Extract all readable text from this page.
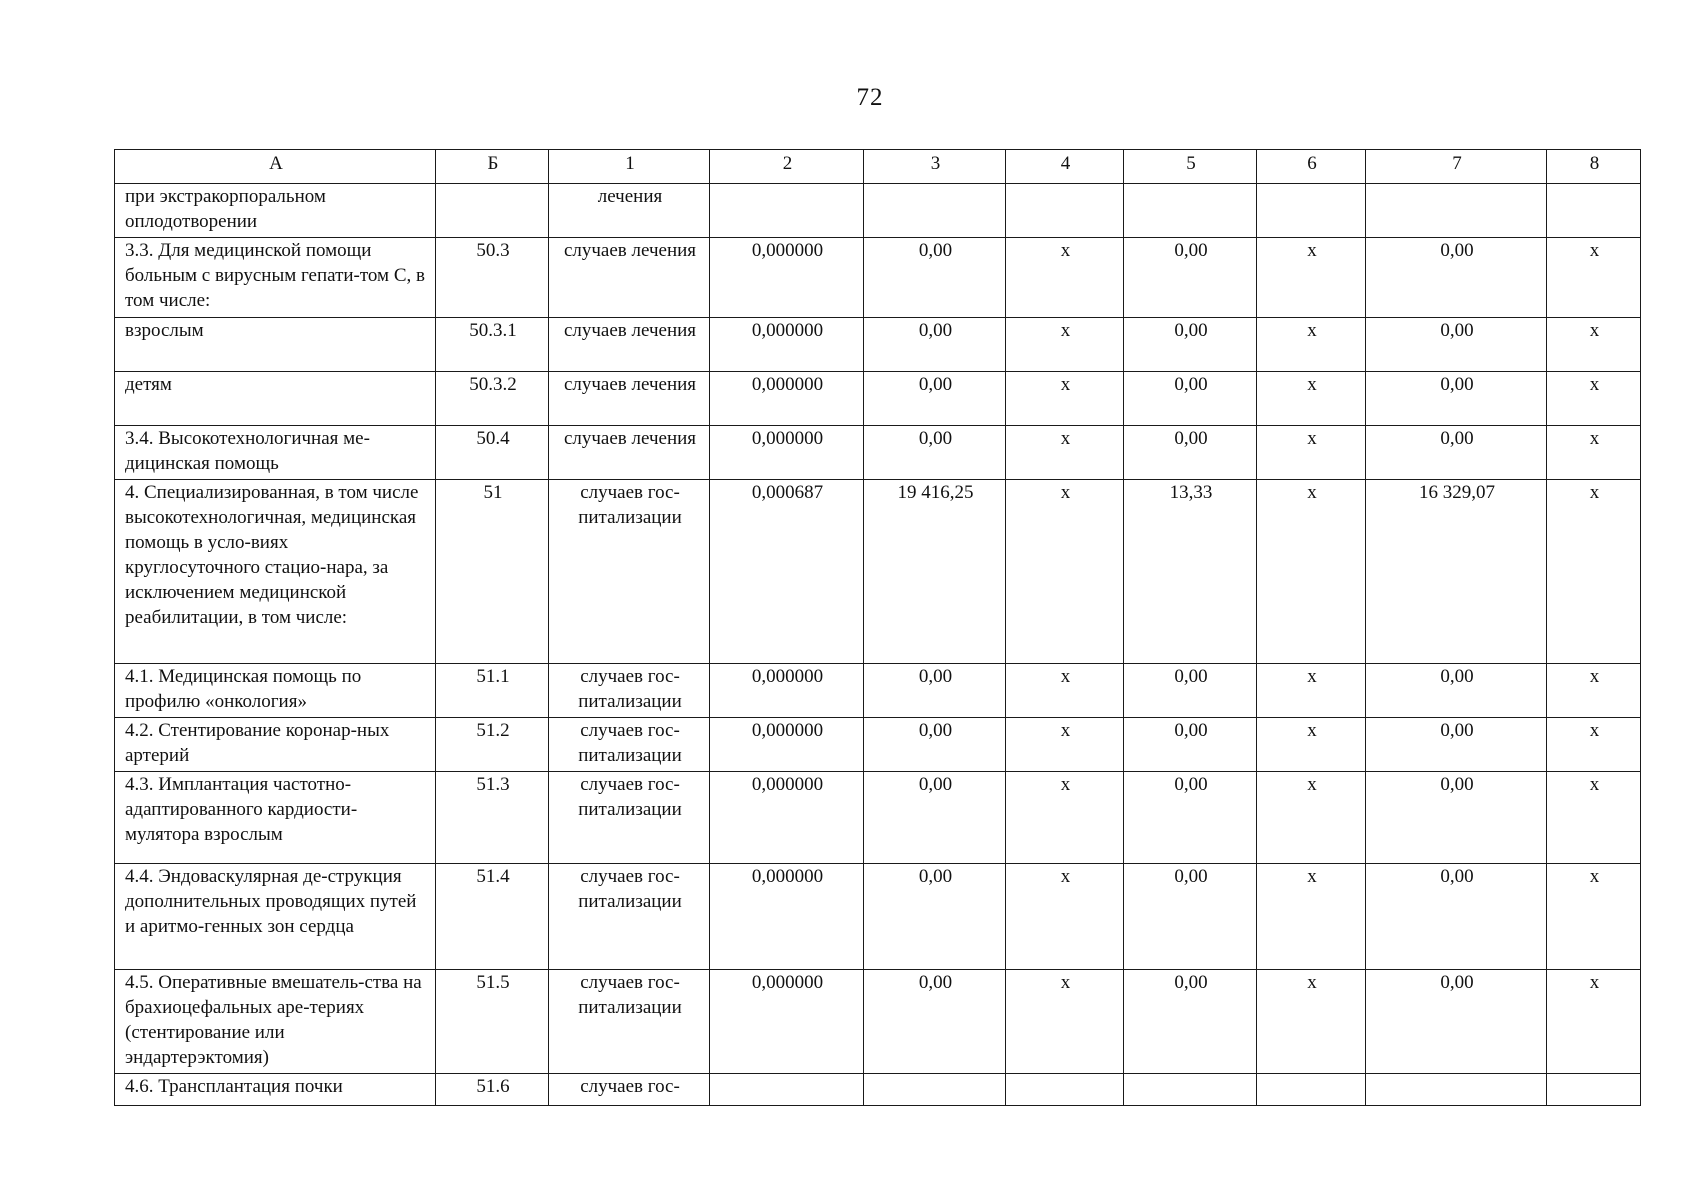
72
А	Б	1	2	3	4	5	6	7	8
при экстракорпоральном оплодотворении		лечения							
3.3. Для медицинской помощи больным с вирусным гепати-том С, в том числе:	50.3	случаев лечения	0,000000	0,00	х	0,00	х	0,00	х
взрослым	50.3.1	случаев лечения	0,000000	0,00	х	0,00	х	0,00	х
детям	50.3.2	случаев лечения	0,000000	0,00	х	0,00	х	0,00	х
3.4. Высокотехнологичная ме-дицинская помощь	50.4	случаев лечения	0,000000	0,00	х	0,00	х	0,00	х
4. Специализированная, в том числе высокотехнологичная, медицинская помощь в усло-виях круглосуточного стацио-нара, за исключением медицинской реабилитации, в том числе:	51	случаев гос-питализации	0,000687	19 416,25	х	13,33	х	16 329,07	х
4.1. Медицинская помощь по профилю «онкология»	51.1	случаев гос-питализации	0,000000	0,00	х	0,00	х	0,00	х
4.2. Стентирование коронар-ных артерий	51.2	случаев гос-питализации	0,000000	0,00	х	0,00	х	0,00	х
4.3. Имплантация частотно-адаптированного кардиости-мулятора взрослым	51.3	случаев гос-питализации	0,000000	0,00	х	0,00	х	0,00	х
4.4. Эндоваскулярная де-струкция дополнительных проводящих путей и аритмо-генных зон сердца	51.4	случаев гос-питализации	0,000000	0,00	х	0,00	х	0,00	х
4.5. Оперативные вмешатель-ства на брахиоцефальных аре-териях (стентирование или эндартерэктомия)	51.5	случаев гос-питализации	0,000000	0,00	х	0,00	х	0,00	х
4.6. Трансплантация почки	51.6	случаев гос-							
